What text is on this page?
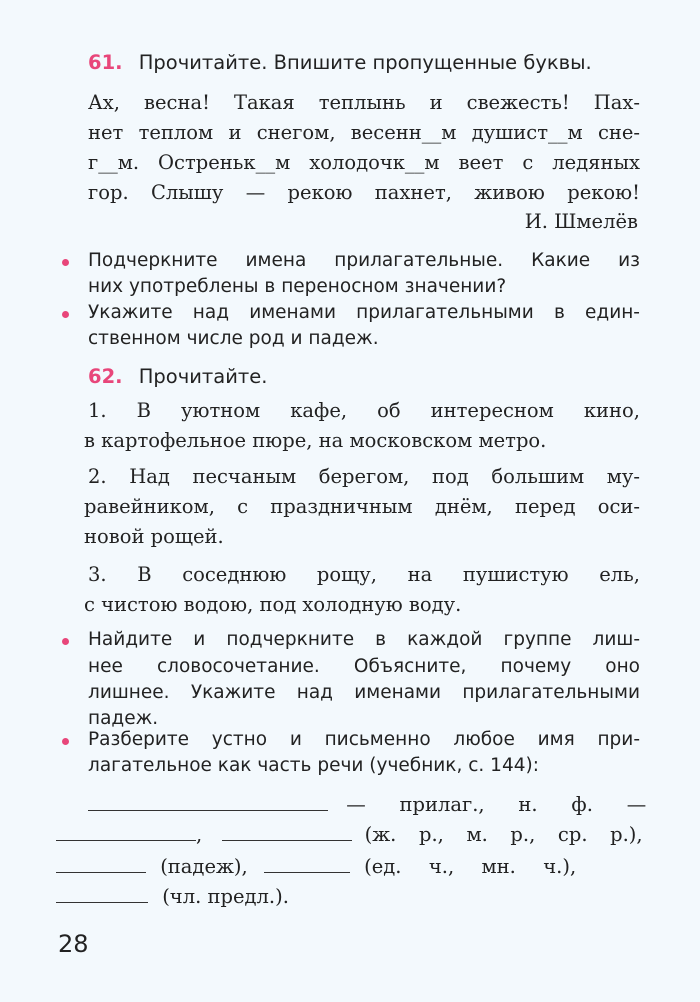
61. Прочитайте. Впишите пропущенные буквы.
Ах, весна! Такая теплынь и свежесть! Пах-
нет теплом и снегом, весенн__м душист__м сне-
г__м. Остреньк__м холодочк__м веет с ледяных
гор. Слышу — рекою пахнет, живою рекою!
И. Шмелёв
Подчеркните имена прилагательные. Какие из
них употреблены в переносном значении?
Укажите над именами прилагательными в един-
ственном числе род и падеж.
62. Прочитайте.
1. В уютном кафе, об интересном кино,
в картофельное пюре, на московском метро.
2. Над песчаным берегом, под большим му-
равейником, с праздничным днём, перед оси-
новой рощей.
3. В соседнюю рощу, на пушистую ель,
с чистою водою, под холодную воду.
Найдите и подчеркните в каждой группе лиш-
нее словосочетание. Объясните, почему оно
лишнее. Укажите над именами прилагательными
падеж.
Разберите устно и письменно любое имя при-
лагательное как часть речи (учебник, с. 144):
— прилаг., н. ф. —
,	(ж. р., м. р., ср. р.),
(падеж),	(ед. ч., мн. ч.),
(чл. предл.).
28
